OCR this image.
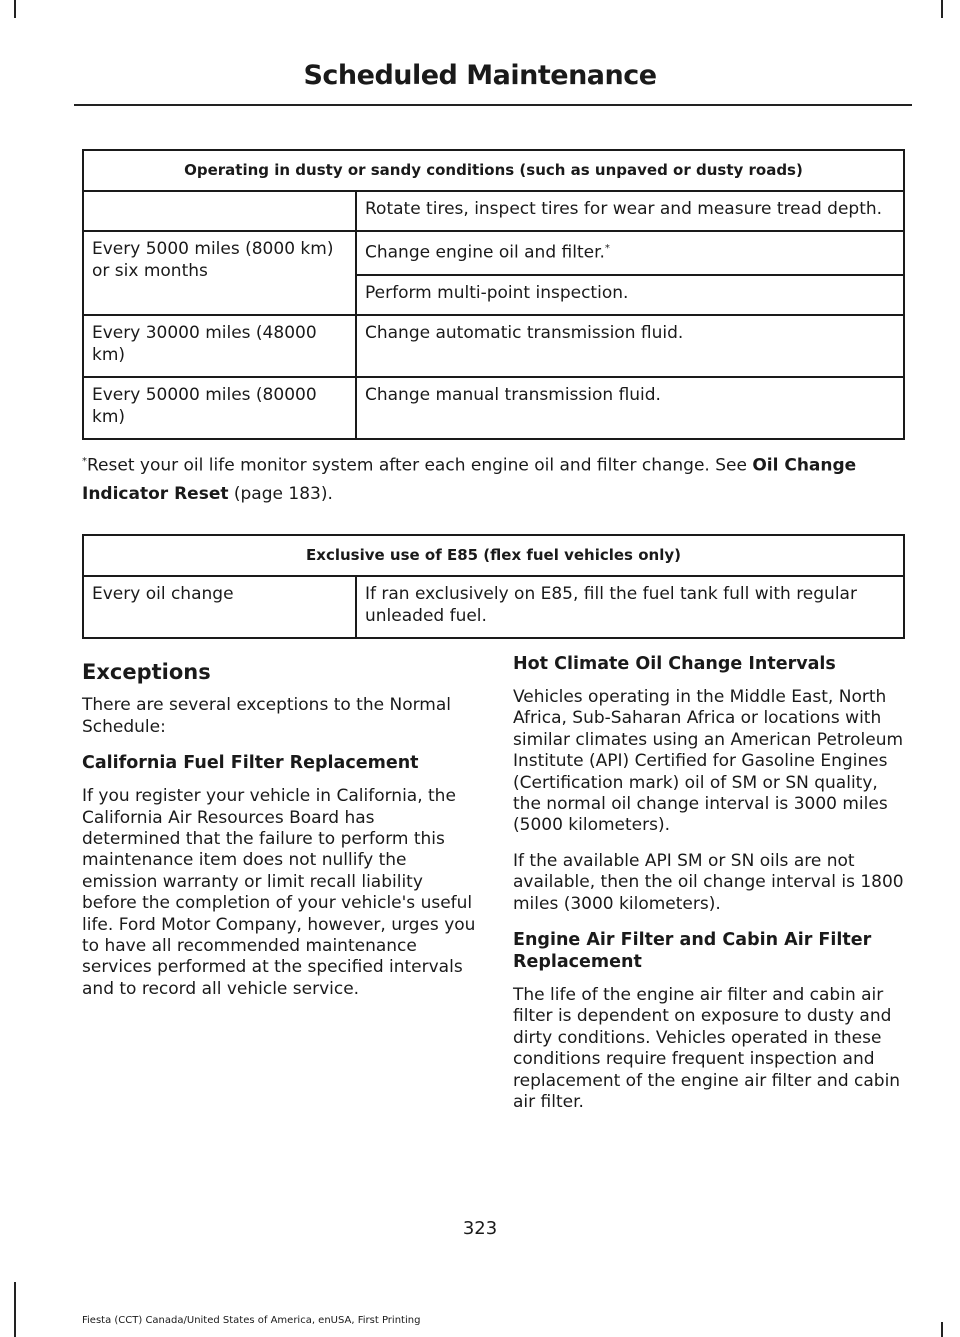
Scheduled Maintenance
Operating in dusty or sandy conditions (such as unpaved or dusty roads)	
	Rotate tires, inspect tires for wear and measure tread depth.
Every 5000 miles (8000 km) or six months	Change engine oil and filter.*
	Perform multi-point inspection.
Every 30000 miles (48000 km)	Change automatic transmission fluid.
Every 50000 miles (80000 km)	Change manual transmission fluid.
*Reset your oil life monitor system after each engine oil and filter change. See Oil Change Indicator Reset (page 183).
Exclusive use of E85 (flex fuel vehicles only)
Every oil change	If ran exclusively on E85, fill the fuel tank full with regular unleaded fuel.
Exceptions

There are several exceptions to the Normal Schedule:

California Fuel Filter Replacement

If you register your vehicle in California, the California Air Resources Board has determined that the failure to perform this maintenance item does not nullify the emission warranty or limit recall liability before the completion of your vehicle's useful life. Ford Motor Company, however, urges you to have all recommended maintenance services performed at the specified intervals and to record all vehicle service.

Hot Climate Oil Change Intervals

Vehicles operating in the Middle East, North Africa, Sub-Saharan Africa or locations with similar climates using an American Petroleum Institute (API) Certified for Gasoline Engines (Certification mark) oil of SM or SN quality, the normal oil change interval is 3000 miles (5000 kilometers).

If the available API SM or SN oils are not available, then the oil change interval is 1800 miles (3000 kilometers).

Engine Air Filter and Cabin Air Filter Replacement

The life of the engine air filter and cabin air filter is dependent on exposure to dusty and dirty conditions. Vehicles operated in these conditions require frequent inspection and replacement of the engine air filter and cabin air filter.

323
Fiesta (CCT) Canada/United States of America, enUSA, First Printing
